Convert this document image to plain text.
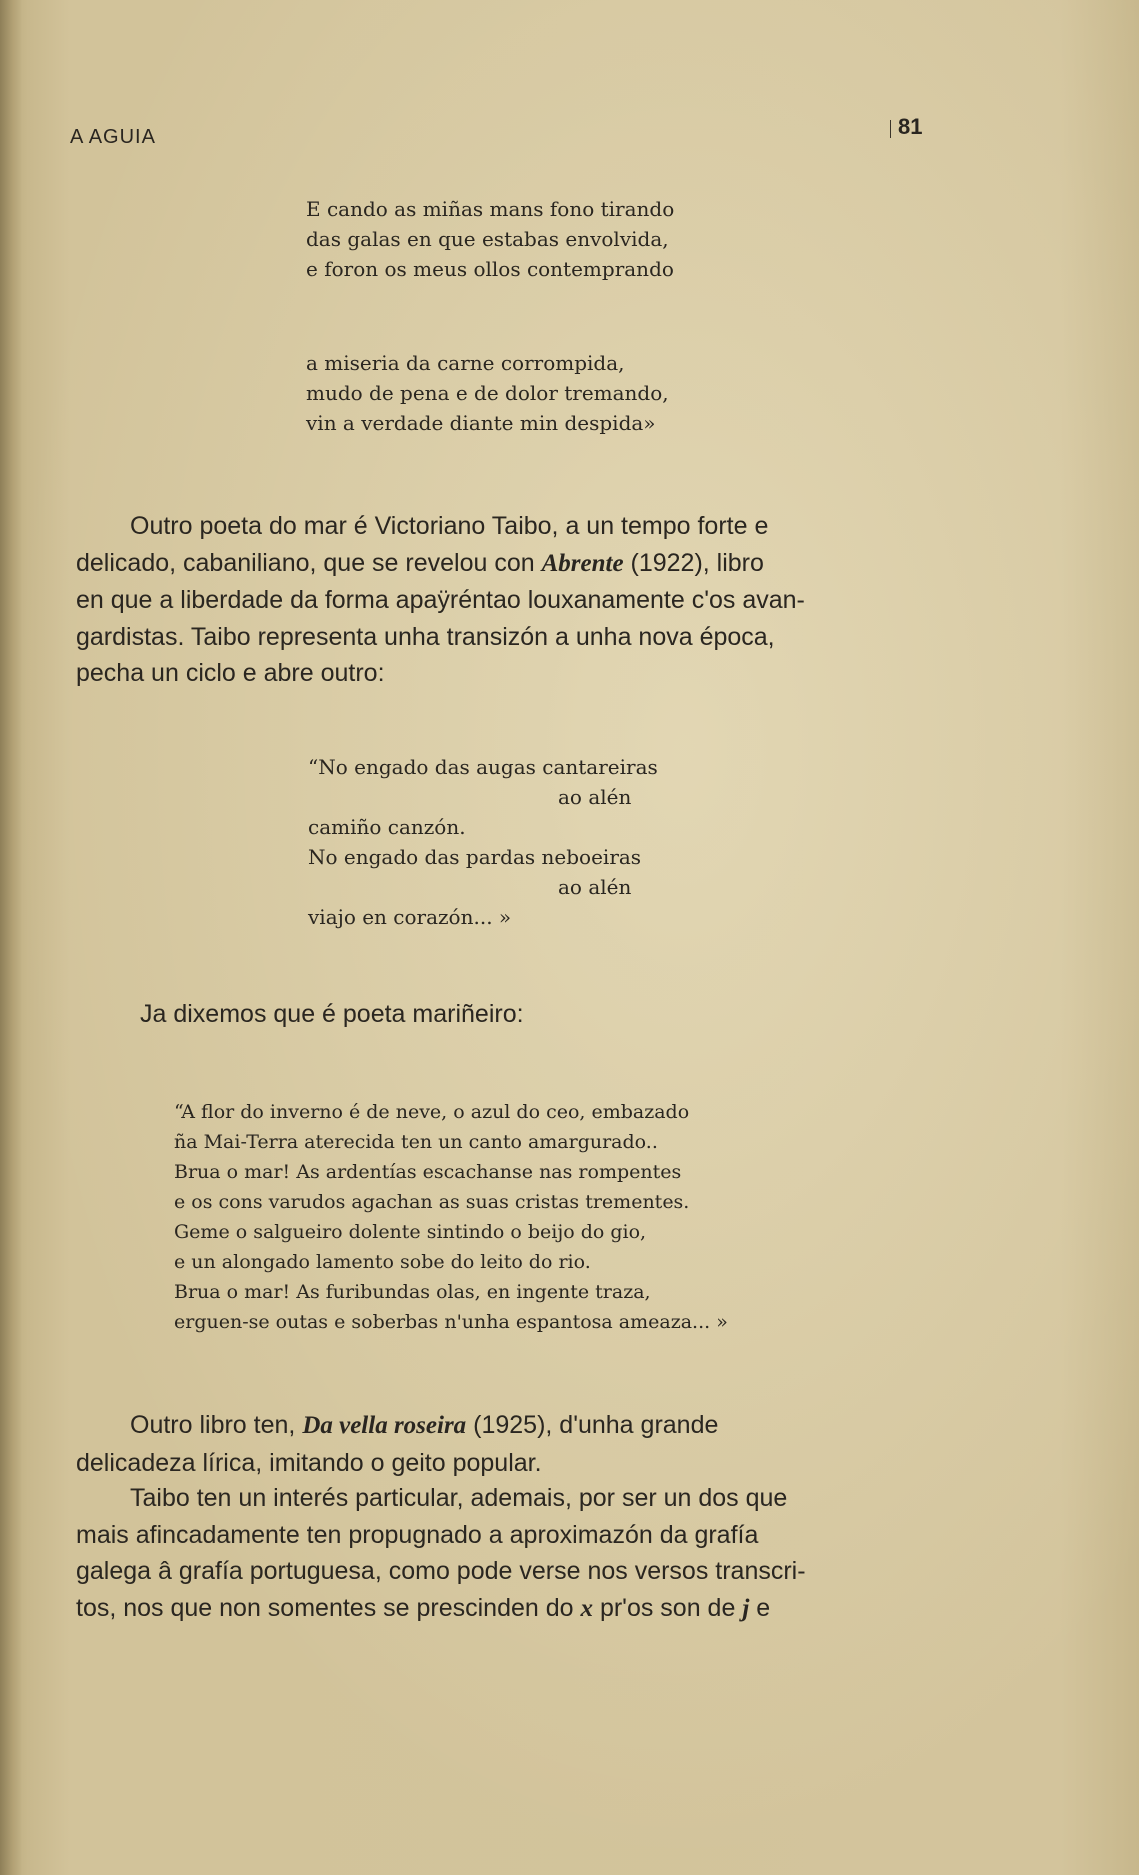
A AGUIA	81
E cando as miñas mans fono tirando
das galas en que estabas envolvida,
e foron os meus ollos contemprando
a miseria da carne corrompida,
mudo de pena e de dolor tremando,
vin a verdade diante min despida»
Outro poeta do mar é Victoriano Taibo, a un tempo forte e
delicado, cabaniliano, que se revelou con Abrente (1922), libro
en que a liberdade da forma apaÿréntao louxanamente c'os avan-
gardistas. Taibo representa unha transizón a unha nova época,
pecha un ciclo e abre outro:
“No engado das augas cantareiras
ao alén
camiño canzón.
No engado das pardas neboeiras
ao alén
viajo en corazón... »
Ja dixemos que é poeta mariñeiro:
“A flor do inverno é de neve, o azul do ceo, embazado
ña Mai-Terra aterecida ten un canto amargurado..
Brua o mar! As ardentías escachanse nas rompentes
e os cons varudos agachan as suas cristas trementes.
Geme o salgueiro dolente sintindo o beijo do gio,
e un alongado lamento sobe do leito do rio.
Brua o mar! As furibundas olas, en ingente traza,
erguen-se outas e soberbas n'unha espantosa ameaza... »
Outro libro ten, Da vella roseira (1925), d'unha grande
delicadeza lírica, imitando o geito popular.
Taibo ten un interés particular, ademais, por ser un dos que
mais afincadamente ten propugnado a aproximazón da grafía
galega â grafía portuguesa, como pode verse nos versos transcri-
tos, nos que non somentes se prescinden do x pr'os son de j e
